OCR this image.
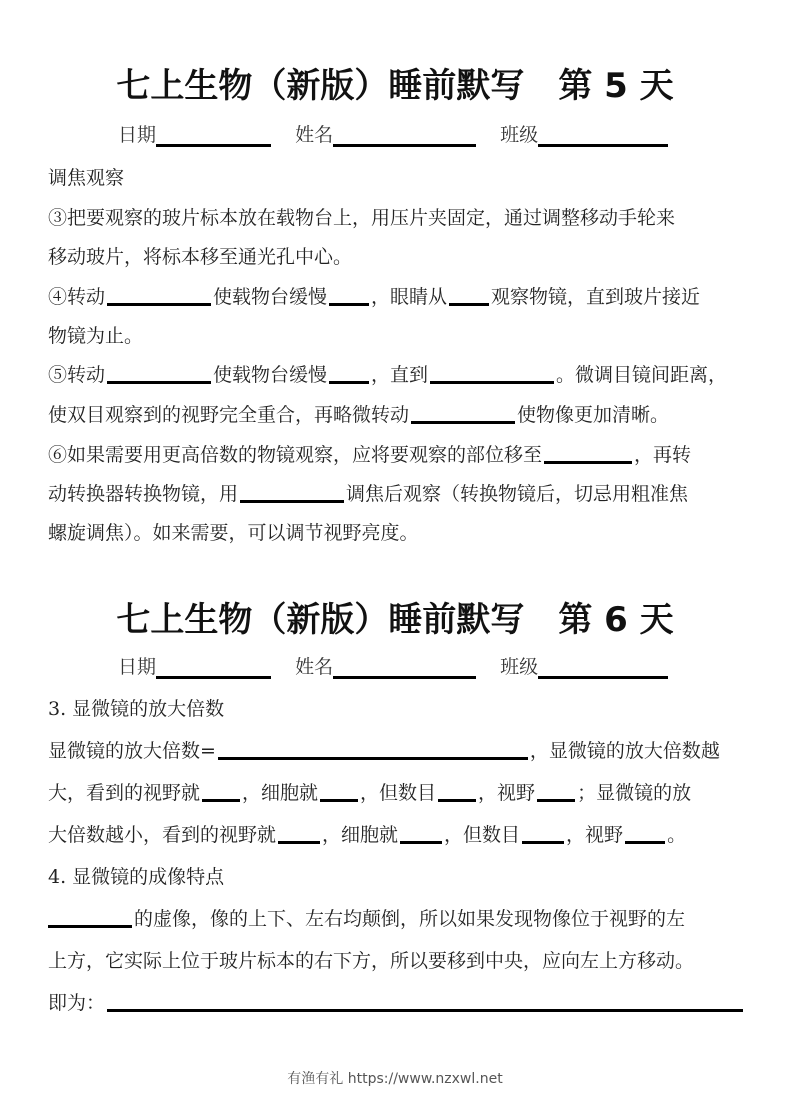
七上生物（新版）睡前默写　第 5 天
日期	姓名	班级
调焦观察
③把要观察的玻片标本放在载物台上，用压片夹固定，通过调整移动手轮来
移动玻片，将标本移至通光孔中心。
④转动	使载物台缓慢 ，眼睛从 观察物镜，直到玻片接近
物镜为止。
⑤转动	使载物台缓慢 ，直到	。微调目镜间距离，
使双目观察到的视野完全重合，再略微转动	使物像更加清晰。
⑥如果需要用更高倍数的物镜观察，应将要观察的部位移至	，再转
动转换器转换物镜，用	调焦后观察（转换物镜后，切忌用粗准焦
螺旋调焦）。如来需要，可以调节视野亮度。
七上生物（新版）睡前默写　第 6 天
日期	姓名	班级
3. 显微镜的放大倍数
显微镜的放大倍数=	，显微镜的放大倍数越
大，看到的视野就 ，细胞就 ，但数目 ，视野 ；显微镜的放
大倍数越小，看到的视野就 ，细胞就 ，但数目 ，视野 。
4. 显微镜的成像特点
的虚像，像的上下、左右均颠倒，所以如果发现物像位于视野的左
上方，它实际上位于玻片标本的右下方，所以要移到中央，应向左上方移动。
即为：
有渔有礼 https://www.nzxwl.net
